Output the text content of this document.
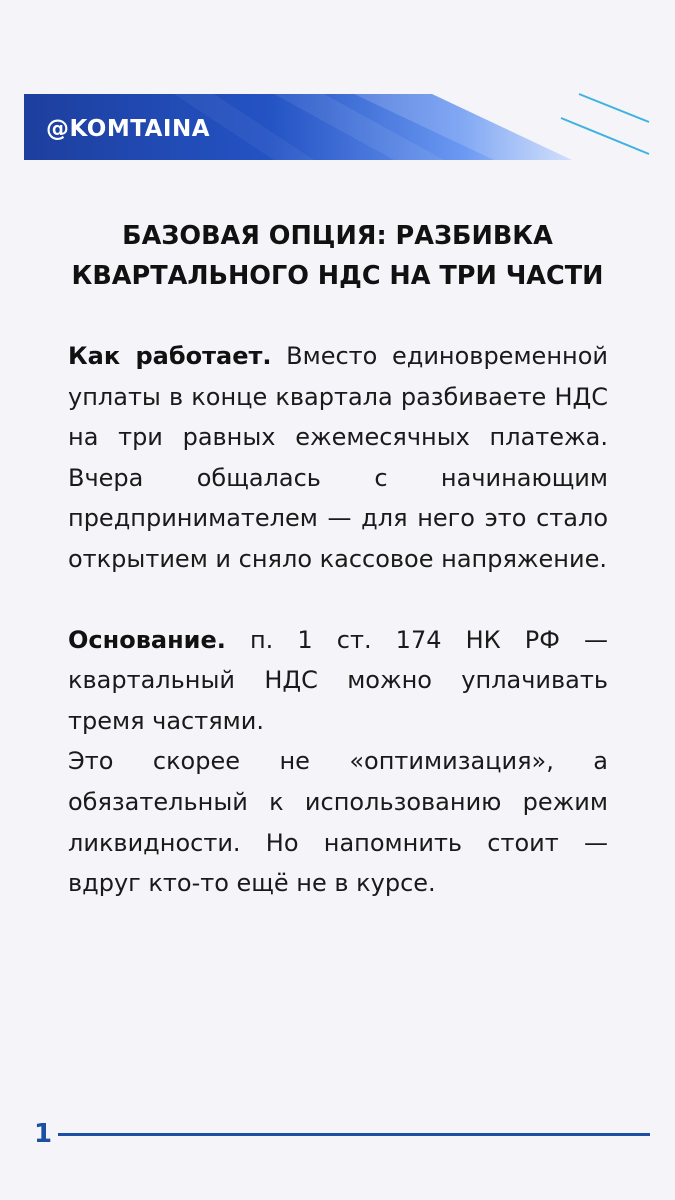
@KOMTAINA
БАЗОВАЯ ОПЦИЯ: РАЗБИВКА
КВАРТАЛЬНОГО НДС НА ТРИ ЧАСТИ

Как работает. Вместо единовременной уплаты в конце квартала разбиваете НДС на три равных ежемесячных платежа. Вчера общалась с начинающим предпринимателем — для него это стало открытием и сняло кассовое напряжение.

Основание. п. 1 ст. 174 НК РФ — квартальный НДС можно уплачивать тремя частями.

Это скорее не «оптимизация», а обязательный к использованию режим ликвидности. Но напомнить стоит — вдруг кто-то ещё не в курсе.

1
